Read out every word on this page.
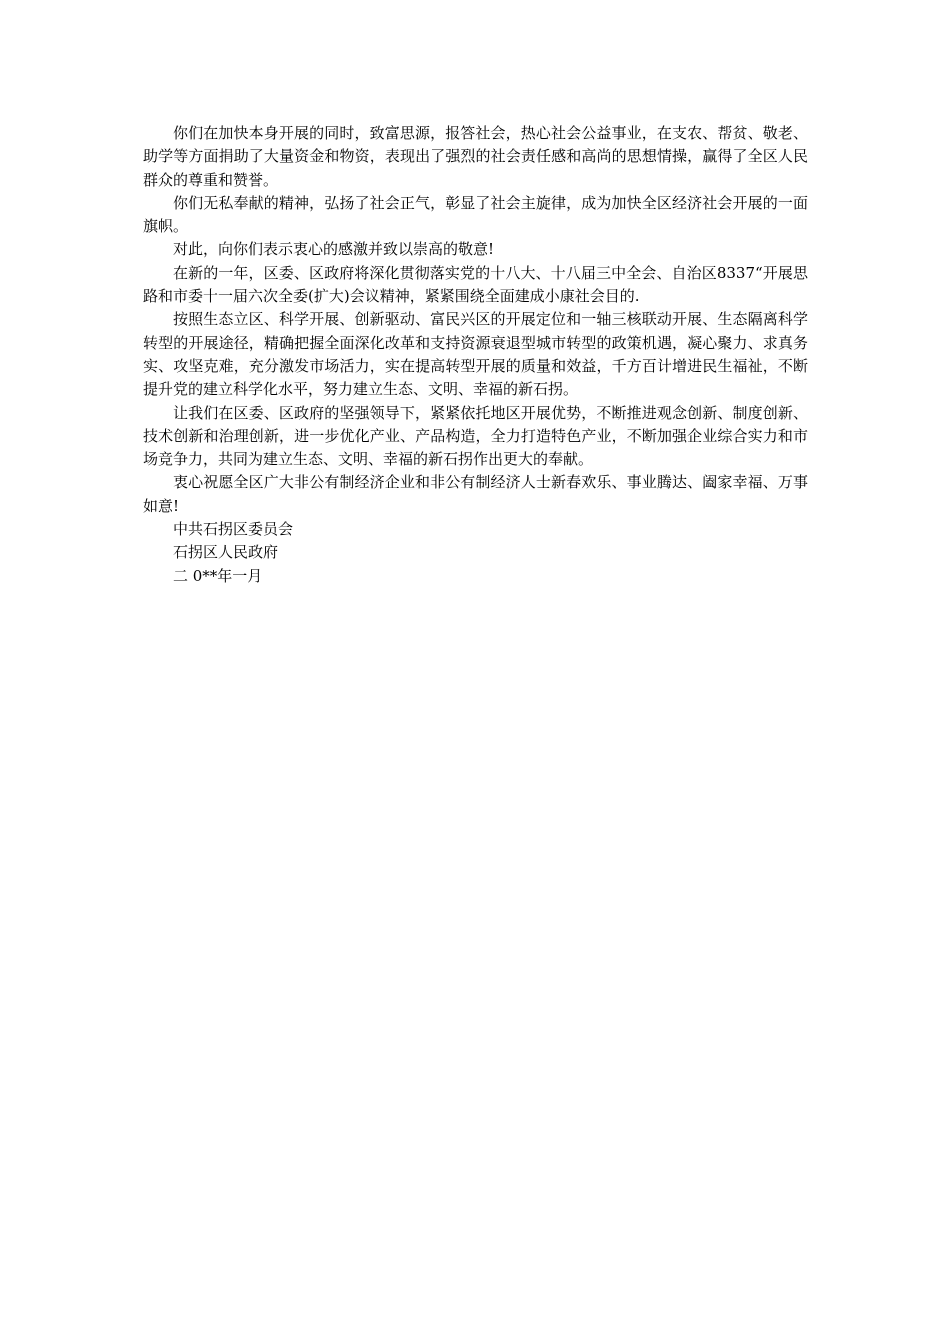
你们在加快本身开展的同时，致富思源，报答社会，热心社会公益事业，在支农、帮贫、敬老、助学等方面捐助了大量资金和物资，表现出了强烈的社会责任感和高尚的思想情操，赢得了全区人民群众的尊重和赞誉。

你们无私奉献的精神，弘扬了社会正气，彰显了社会主旋律，成为加快全区经济社会开展的一面旗帜。

对此，向你们表示衷心的感激并致以崇高的敬意!

在新的一年，区委、区政府将深化贯彻落实党的十八大、十八届三中全会、自治区8337“开展思路和市委十一届六次全委(扩大)会议精神，紧紧围绕全面建成小康社会目的.

按照生态立区、科学开展、创新驱动、富民兴区的开展定位和一轴三核联动开展、生态隔离科学转型的开展途径，精确把握全面深化改革和支持资源衰退型城市转型的政策机遇，凝心聚力、求真务实、攻坚克难，充分激发市场活力，实在提高转型开展的质量和效益，千方百计增进民生福祉，不断提升党的建立科学化水平，努力建立生态、文明、幸福的新石拐。

让我们在区委、区政府的坚强领导下，紧紧依托地区开展优势，不断推进观念创新、制度创新、技术创新和治理创新，进一步优化产业、产品构造，全力打造特色产业，不断加强企业综合实力和市场竞争力，共同为建立生态、文明、幸福的新石拐作出更大的奉献。

衷心祝愿全区广大非公有制经济企业和非公有制经济人士新春欢乐、事业腾达、阖家幸福、万事如意!

中共石拐区委员会

石拐区人民政府

二 0**年一月
